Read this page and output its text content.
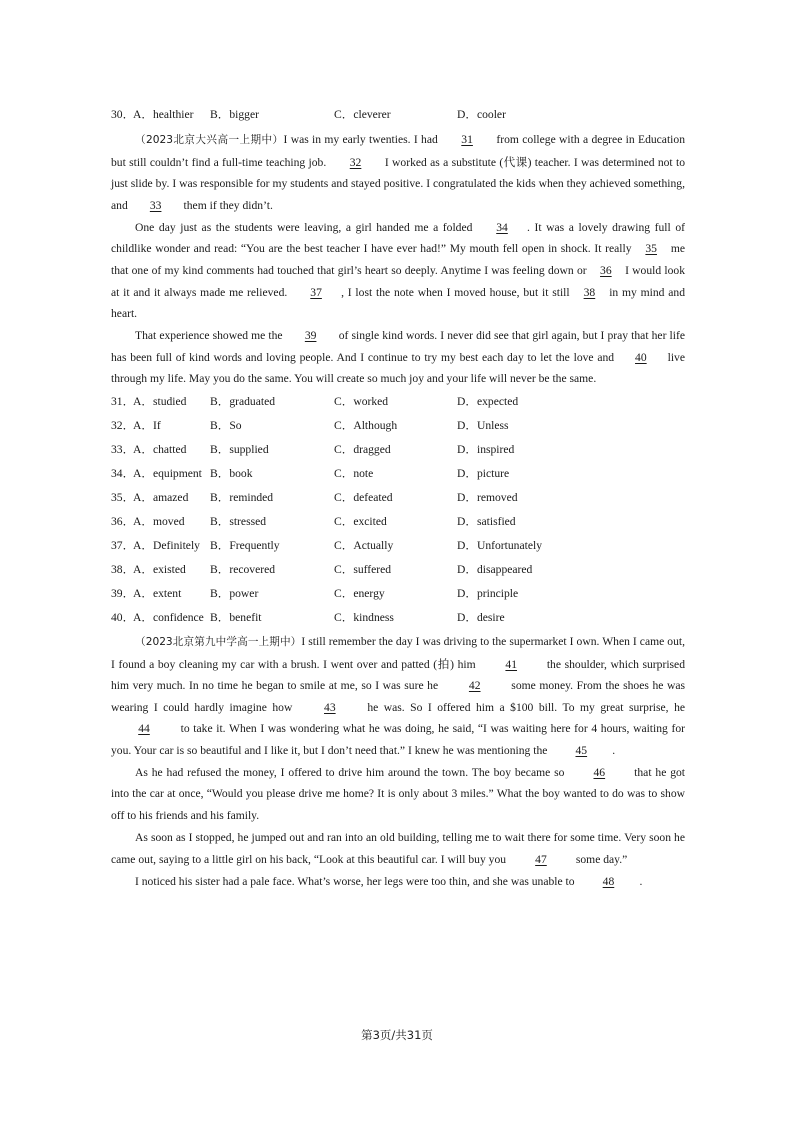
30．
A．healthier	B．bigger	C．cleverer	D．cooler

（2023北京大兴高一上期中）I was in my early twenties. I had 31 from college with a degree in Education but still couldn’t find a full-time teaching job. 32 I worked as a substitute (代课) teacher. I was determined not to just slide by. I was responsible for my students and stayed positive. I congratulated the kids when they achieved something, and 33 them if they didn’t.

One day just as the students were leaving, a girl handed me a folded 34 . It was a lovely drawing full of childlike wonder and read: “You are the best teacher I have ever had!” My mouth fell open in shock. It really 35 me that one of my kind comments had touched that girl’s heart so deeply. Anytime I was feeling down or 36 I would look at it and it always made me relieved. 37 , I lost the note when I moved house, but it still 38 in my mind and heart.

That experience showed me the 39 of single kind words. I never did see that girl again, but I pray that her life has been full of kind words and loving people. And I continue to try my best each day to let the love and 40 live through my life. May you do the same. You will create so much joy and your life will never be the same.

31．
A．studied	B．graduated	C．worked	D．expected
32．
A．If	B．So	C．Although	D．Unless
33．
A．chatted	B．supplied	C．dragged	D．inspired
34．
A．equipment B．book	C．note	D．picture
35．
A．amazed	B．reminded	C．defeated	D．removed
36．
A．moved	B．stressed	C．excited	D．satisfied
37．
A．Definitely B．Frequently	C．Actually	D．Unfortunately
38．
A．existed	B．recovered	C．suffered	D．disappeared
39．
A．extent	B．power	C．energy	D．principle
40．
A．confidence B．benefit	C．kindness	D．desire

（2023北京第九中学高一上期中）I still remember the day I was driving to the supermarket I own. When I came out, I found a boy cleaning my car with a brush. I went over and patted (拍) him 41 the shoulder, which surprised him very much. In no time he began to smile at me, so I was sure he 42 some money. From the shoes he was wearing I could hardly imagine how 43 he was. So I offered him a $100 bill. To my great surprise, he 44 to take it. When I was wondering what he was doing, he said, “I was waiting here for 4 hours, waiting for you. Your car is so beautiful and I like it, but I don’t need that.” I knew he was mentioning the 45 .

As he had refused the money, I offered to drive him around the town. The boy became so 46 that he got into the car at once, “Would you please drive me home? It is only about 3 miles.” What the boy wanted to do was to show off to his friends and his family.

As soon as I stopped, he jumped out and ran into an old building, telling me to wait there for some time. Very soon he came out, saying to a little girl on his back, “Look at this beautiful car. I will buy you 47 some day.”

I noticed his sister had a pale face. What’s worse, her legs were too thin, and she was unable to 48 .

第3页/共31页
